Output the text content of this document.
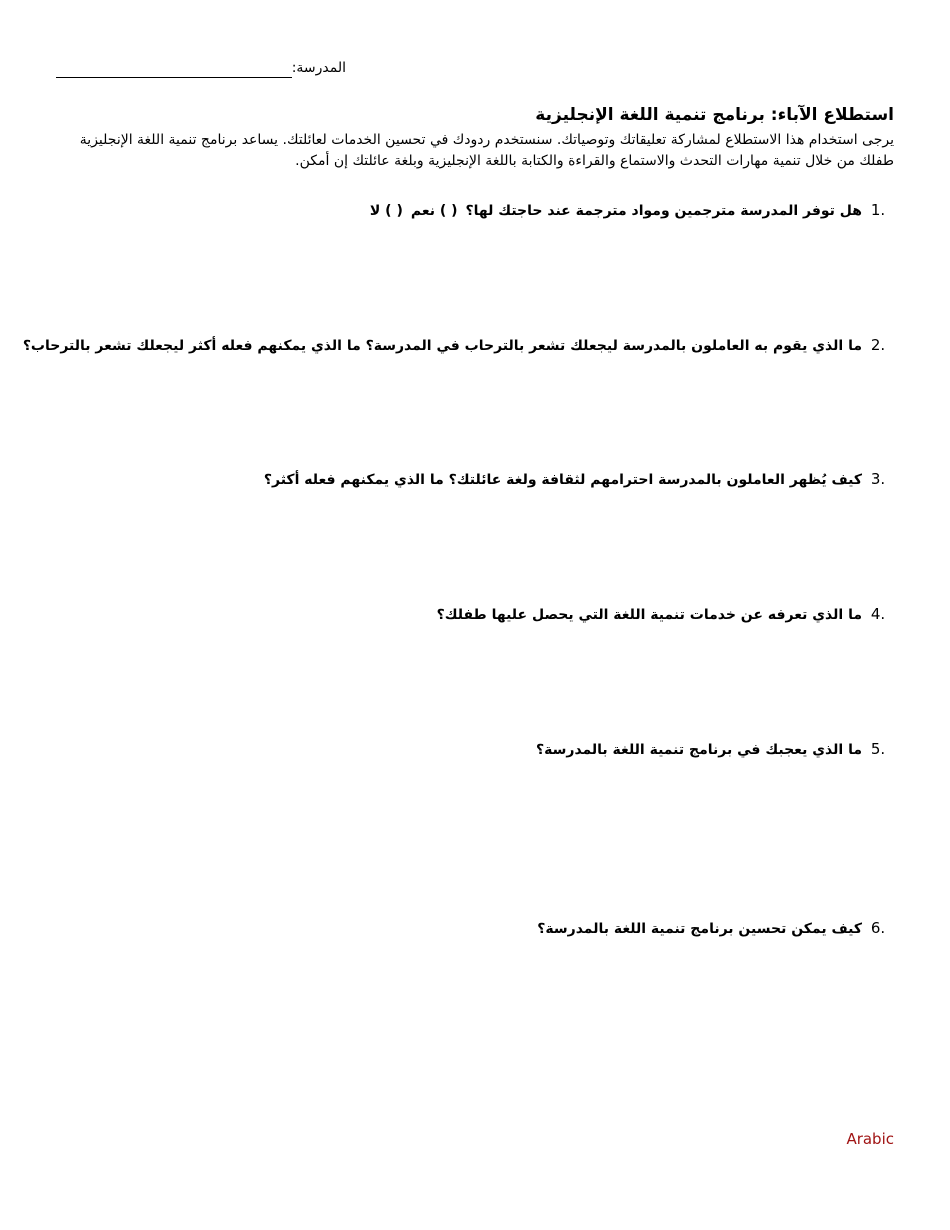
المدرسة:
استطلاع الآباء: برنامج تنمية اللغة الإنجليزية
يرجى استخدام هذا الاستطلاع لمشاركة تعليقاتك وتوصياتك. سنستخدم ردودك في تحسين الخدمات لعائلتك. يساعد برنامج تنمية اللغة الإنجليزية طفلك من خلال تنمية مهارات التحدث والاستماع والقراءة والكتابة باللغة الإنجليزية وبلغة عائلتك إن أمكن.
1.
هل توفر المدرسة مترجمين ومواد مترجمة عند حاجتك لها؟
( ) نعم
( ) لا
2.
ما الذي يقوم به العاملون بالمدرسة ليجعلك تشعر بالترحاب في المدرسة؟ ما الذي يمكنهم فعله أكثر ليجعلك تشعر بالترحاب؟
3.
كيف يُظهر العاملون بالمدرسة احترامهم لثقافة ولغة عائلتك؟ ما الذي يمكنهم فعله أكثر؟
4.
ما الذي تعرفه عن خدمات تنمية اللغة التي يحصل عليها طفلك؟
5.
ما الذي يعجبك في برنامج تنمية اللغة بالمدرسة؟
6.
كيف يمكن تحسين برنامج تنمية اللغة بالمدرسة؟
Arabic
